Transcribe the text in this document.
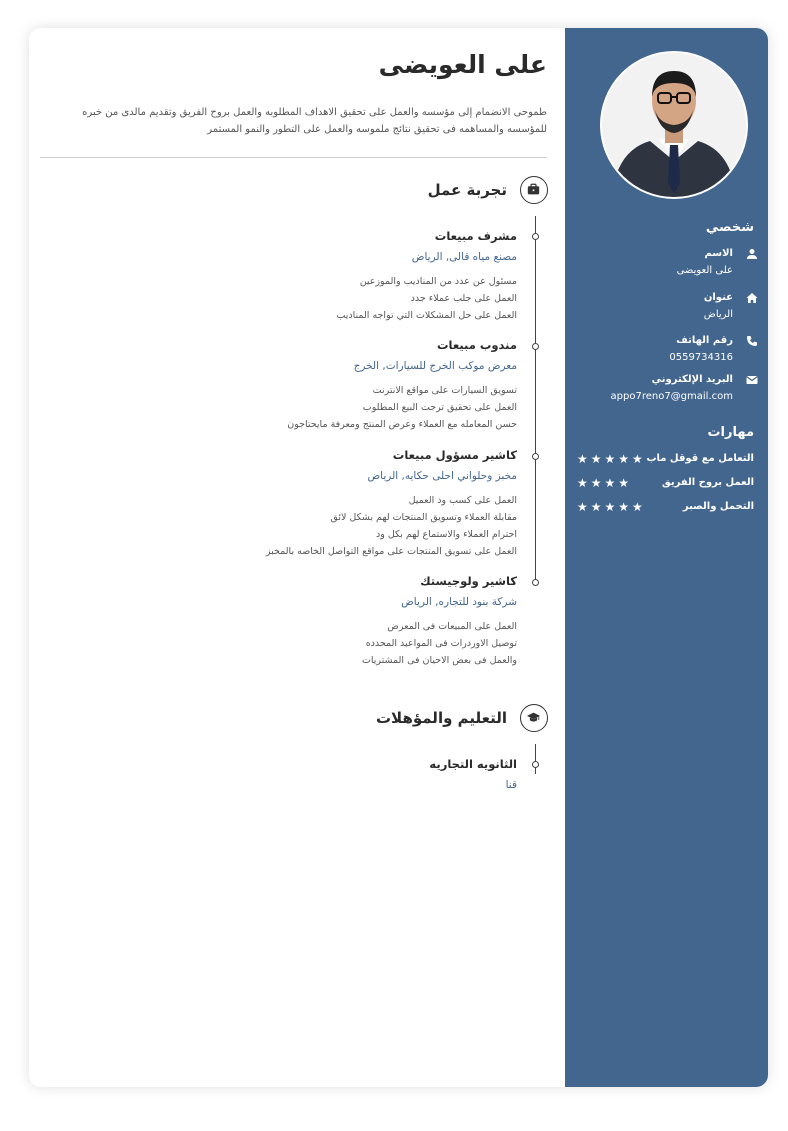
على العويضى
طموحى الانضمام إلى مؤسسه والعمل على تحقيق الاهداف المطلوبه والعمل بروح الفريق وتقديم مالدى من خبره للمؤسسه والمساهمه فى تحقيق نتائج ملموسه والعمل على التطور والنمو المستمر
تجربة عمل
مشرف مبيعات
مصنع مياه قالى, الرياض
مسئول عن عدد من المناديب والموزعين
العمل على جلب عملاء جدد
العمل على حل المشكلات التي تواجه المناديب
مندوب مبيعات
معرض موكب الخرج للسيارات, الخرج
تسويق السيارات على مواقع الانترنت
العمل على تحقيق ترجت البيع المطلوب
حسن المعامله مع العملاء وعرض المنتج ومعرفة مايحتاجون
كاشير مسؤول مبيعات
مخبز وحلواني احلى حكايه, الرياض
العمل على كسب ود العميل
مقابلة العملاء وتسويق المنتجات لهم بشكل لائق
احترام العملاء والاستماع لهم بكل ود
العمل على تسويق المنتجات على مواقع التواصل الخاصه بالمخبز
كاشير ولوجيستك
شركة بنود للتجاره, الرياض
العمل على المبيعات فى المعرض
توصيل الاوردرات فى المواعيد المحدده
والعمل فى بعض الاحيان فى المشتريات
التعليم والمؤهلات
الثانويه التجاريه
قنا
شخصي
الاسم
على العويضى
عنوان
الرياض
رقم الهاتف
0559734316
البريد الإلكتروني
appo7reno7@gmail.com
مهارات
التعامل مع قوقل ماب
★★★★★
العمل بروح الفريق
★★★★
التحمل والصبر
★★★★★
